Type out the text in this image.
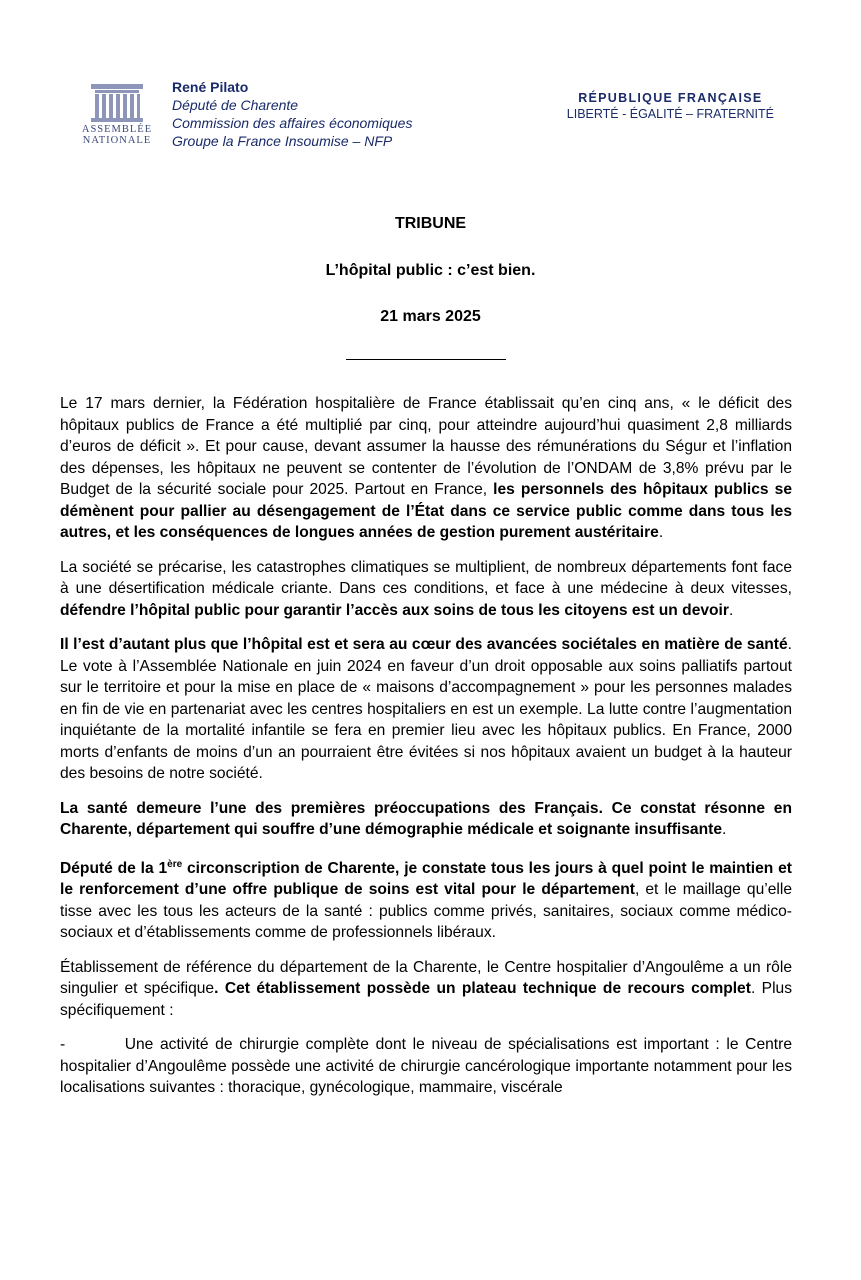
ASSEMBLÉE
NATIONALE
René Pilato
Député de Charente
Commission des affaires économiques
Groupe la France Insoumise – NFP
RÉPUBLIQUE FRANÇAISE
LIBERTÉ - ÉGALITÉ – FRATERNITÉ
TRIBUNE
L’hôpital public : c’est bien.
21 mars 2025

Le 17 mars dernier, la Fédération hospitalière de France établissait qu’en cinq ans, « le déficit des hôpitaux publics de France a été multiplié par cinq, pour atteindre aujourd’hui quasiment 2,8 milliards d’euros de déficit ». Et pour cause, devant assumer la hausse des rémunérations du Ségur et l’inflation des dépenses, les hôpitaux ne peuvent se contenter de l’évolution de l’ONDAM de 3,8% prévu par le Budget de la sécurité sociale pour 2025. Partout en France, les personnels des hôpitaux publics se démènent pour pallier au désengagement de l’État dans ce service public comme dans tous les autres, et les conséquences de longues années de gestion purement austéritaire.

La société se précarise, les catastrophes climatiques se multiplient, de nombreux départements font face à une désertification médicale criante. Dans ces conditions, et face à une médecine à deux vitesses, défendre l’hôpital public pour garantir l’accès aux soins de tous les citoyens est un devoir.

Il l’est d’autant plus que l’hôpital est et sera au cœur des avancées sociétales en matière de santé. Le vote à l’Assemblée Nationale en juin 2024 en faveur d’un droit opposable aux soins palliatifs partout sur le territoire et pour la mise en place de « maisons d’accompagnement » pour les personnes malades en fin de vie en partenariat avec les centres hospitaliers en est un exemple. La lutte contre l’augmentation inquiétante de la mortalité infantile se fera en premier lieu avec les hôpitaux publics. En France, 2000 morts d’enfants de moins d’un an pourraient être évitées si nos hôpitaux avaient un budget à la hauteur des besoins de notre société.

La santé demeure l’une des premières préoccupations des Français. Ce constat résonne en Charente, département qui souffre d’une démographie médicale et soignante insuffisante.

Député de la 1ère circonscription de Charente, je constate tous les jours à quel point le maintien et le renforcement d’une offre publique de soins est vital pour le département, et le maillage qu’elle tisse avec les tous les acteurs de la santé : publics comme privés, sanitaires, sociaux comme médico-sociaux et d’établissements comme de professionnels libéraux.

Établissement de référence du département de la Charente, le Centre hospitalier d’Angoulême a un rôle singulier et spécifique. Cet établissement possède un plateau technique de recours complet. Plus spécifiquement :

-	Une activité de chirurgie complète dont le niveau de spécialisations est important : le Centre hospitalier d’Angoulême possède une activité de chirurgie cancérologique importante notamment pour les localisations suivantes : thoracique, gynécologique, mammaire, viscérale
